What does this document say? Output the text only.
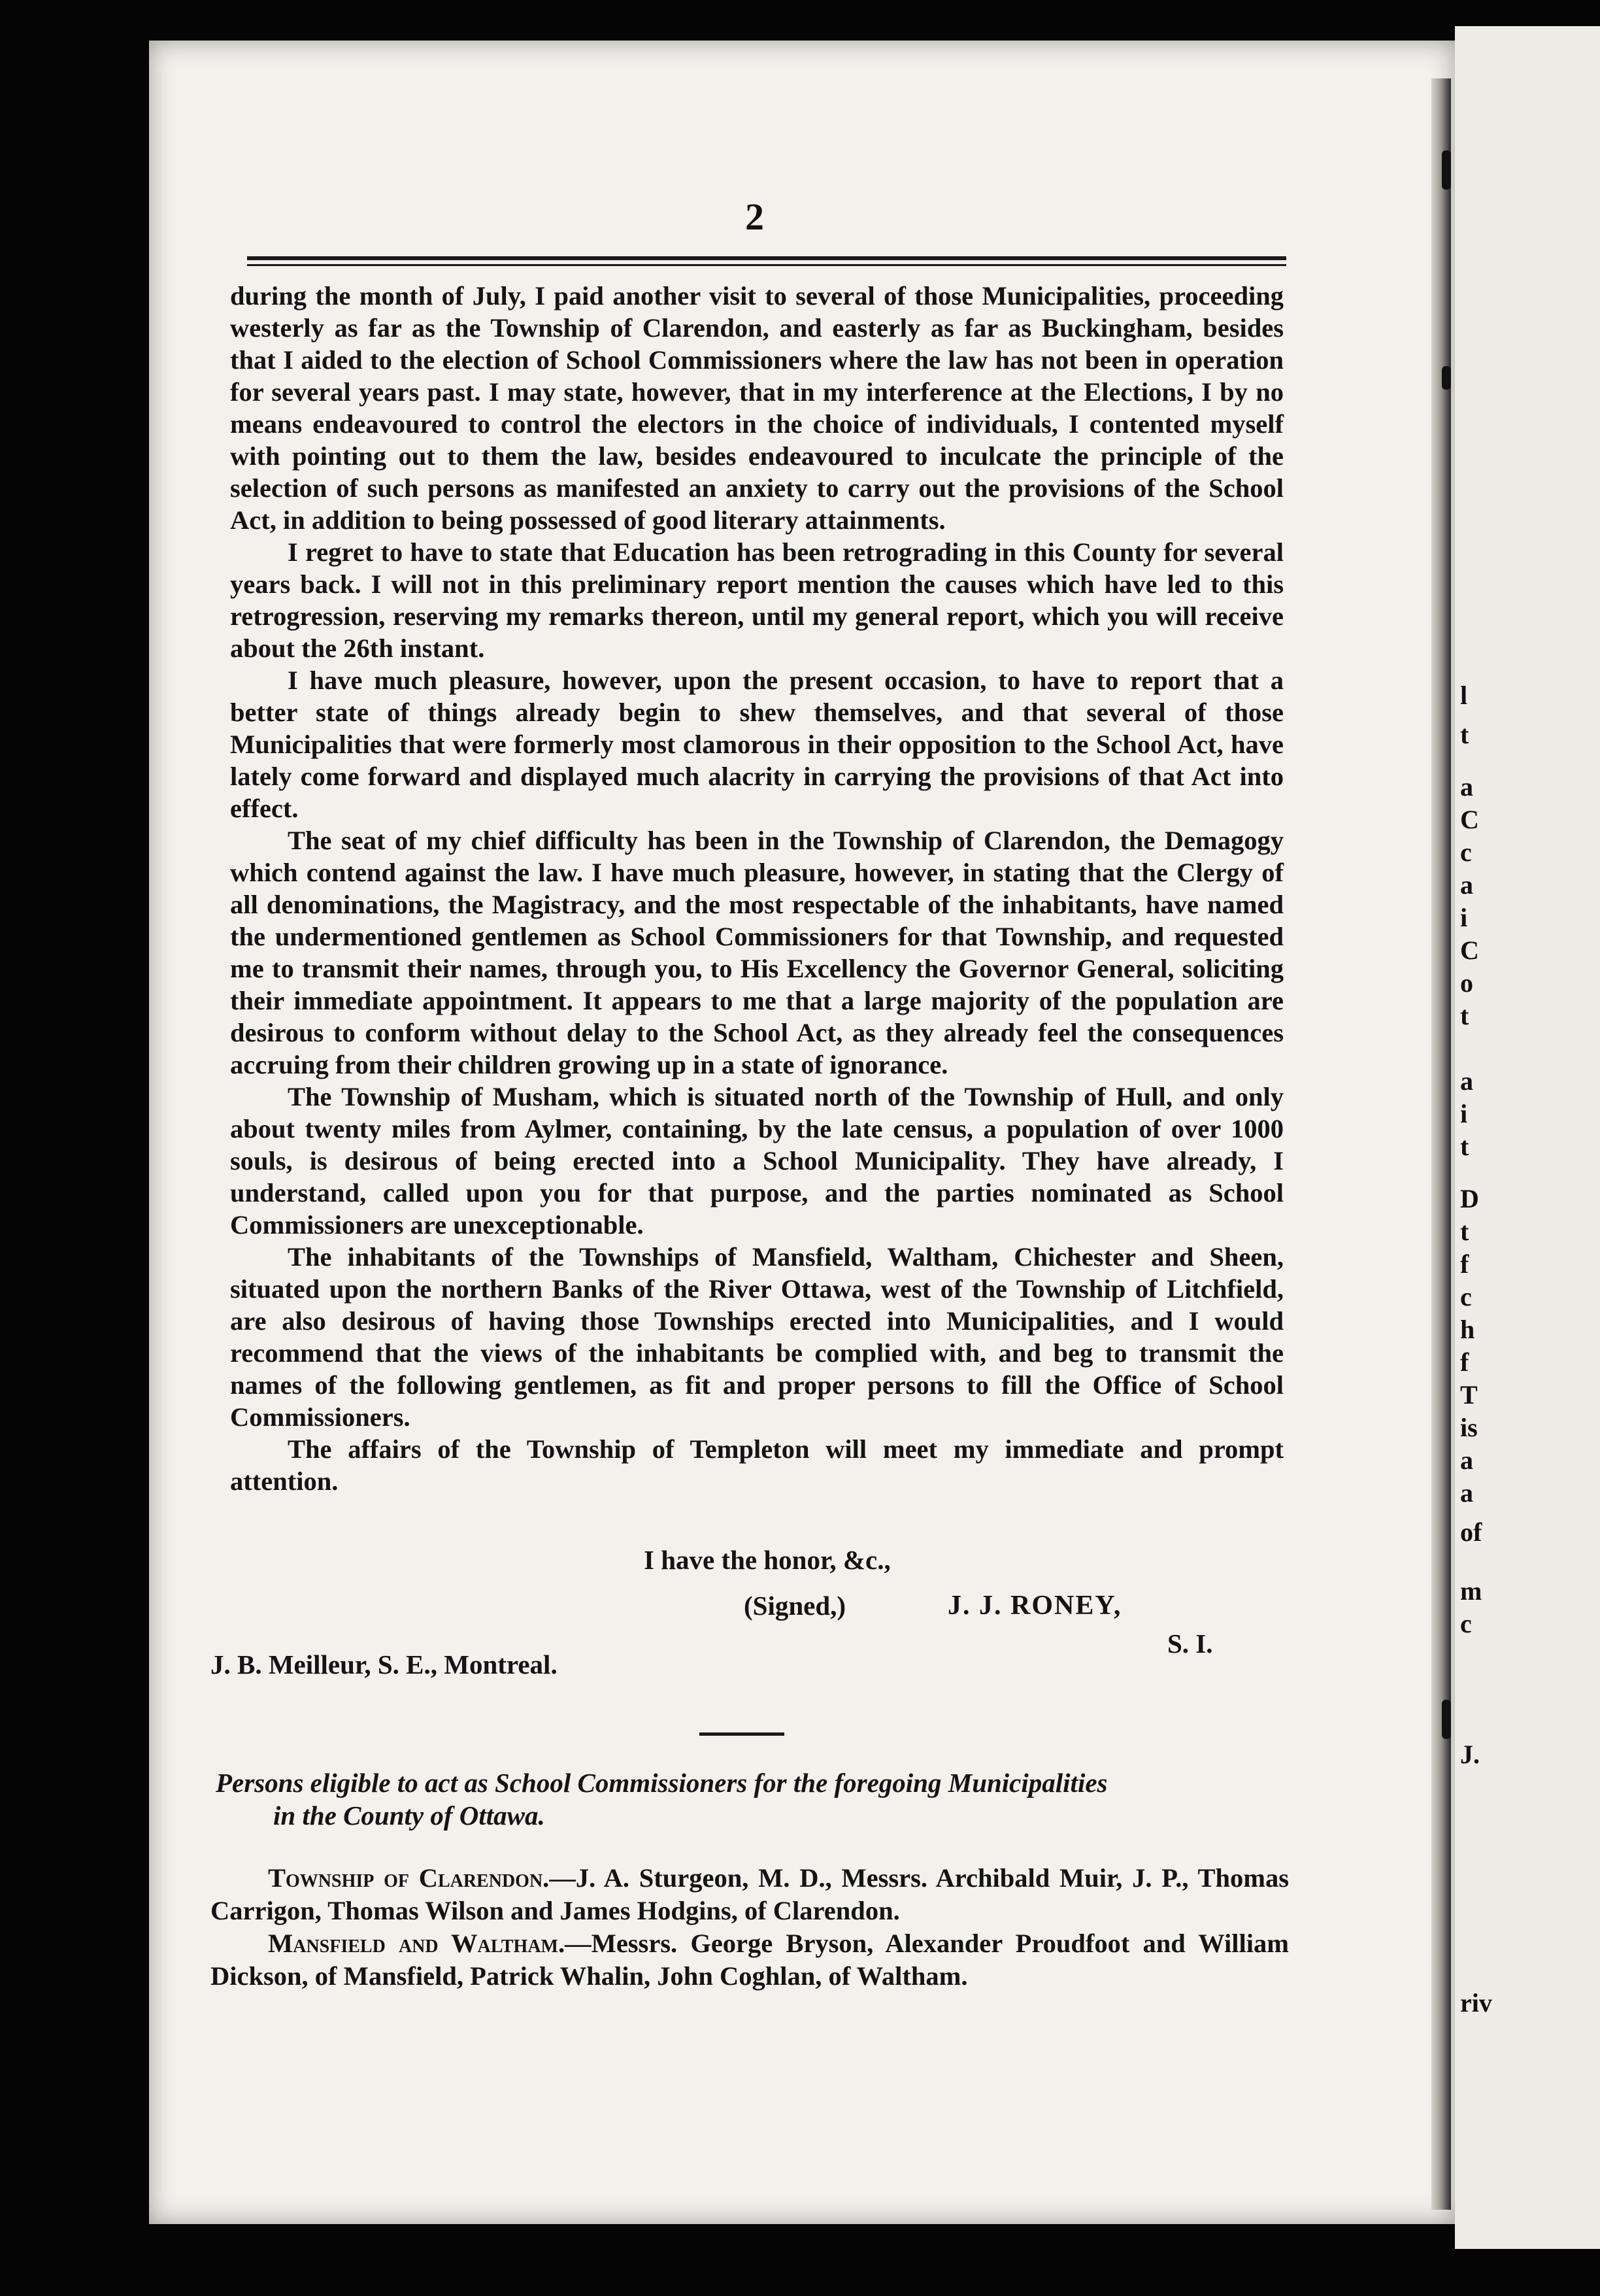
l
t
a
C
c
a
i
C
o
t
a
i
t
D
t
f
c
h
f
T
is
a
a
of
m
c
J.
riv
2

during the month of July, I paid another visit to several of those Municipalities, proceeding westerly as far as the Township of Clarendon, and easterly as far as Buckingham, besides that I aided to the election of School Commissioners where the law has not been in operation for several years past. I may state, however, that in my interference at the Elections, I by no means endeavoured to control the electors in the choice of individuals, I contented myself with pointing out to them the law, besides endeavoured to inculcate the principle of the selection of such persons as manifested an anxiety to carry out the provisions of the School Act, in addition to being possessed of good literary attainments.

I regret to have to state that Education has been retrograding in this County for several years back. I will not in this preliminary report mention the causes which have led to this retrogression, reserving my remarks thereon, until my general report, which you will receive about the 26th instant.

I have much pleasure, however, upon the present occasion, to have to report that a better state of things already begin to shew themselves, and that several of those Municipalities that were formerly most clamorous in their opposition to the School Act, have lately come forward and displayed much alacrity in carrying the provisions of that Act into effect.

The seat of my chief difficulty has been in the Township of Clarendon, the Demagogy which contend against the law. I have much pleasure, however, in stating that the Clergy of all denominations, the Magistracy, and the most respectable of the inhabitants, have named the undermentioned gentlemen as School Commissioners for that Township, and requested me to transmit their names, through you, to His Excellency the Governor General, soliciting their immediate appointment. It appears to me that a large majority of the population are desirous to conform without delay to the School Act, as they already feel the consequences accruing from their children growing up in a state of ignorance.

The Township of Musham, which is situated north of the Township of Hull, and only about twenty miles from Aylmer, containing, by the late census, a population of over 1000 souls, is desirous of being erected into a School Municipality. They have already, I understand, called upon you for that purpose, and the parties nominated as School Commissioners are unexceptionable.

The inhabitants of the Townships of Mansfield, Waltham, Chichester and Sheen, situated upon the northern Banks of the River Ottawa, west of the Township of Litchfield, are also desirous of having those Townships erected into Municipalities, and I would recommend that the views of the inhabitants be complied with, and beg to transmit the names of the following gentlemen, as fit and proper persons to fill the Office of School Commissioners.

The affairs of the Township of Templeton will meet my immediate and prompt attention.

I have the honor, &c.,
(Signed,)	J. J. RONEY,
S. I.
J. B. Meilleur, S. E., Montreal.
Persons eligible to act as School Commissioners for the foregoing Municipalities
in the County of Ottawa.

Township of Clarendon.—J. A. Sturgeon, M. D., Messrs. Archibald Muir, J. P., Thomas Carrigon, Thomas Wilson and James Hodgins, of Clarendon.

Mansfield and Waltham.—Messrs. George Bryson, Alexander Proudfoot and William Dickson, of Mansfield, Patrick Whalin, John Coghlan, of Waltham.
